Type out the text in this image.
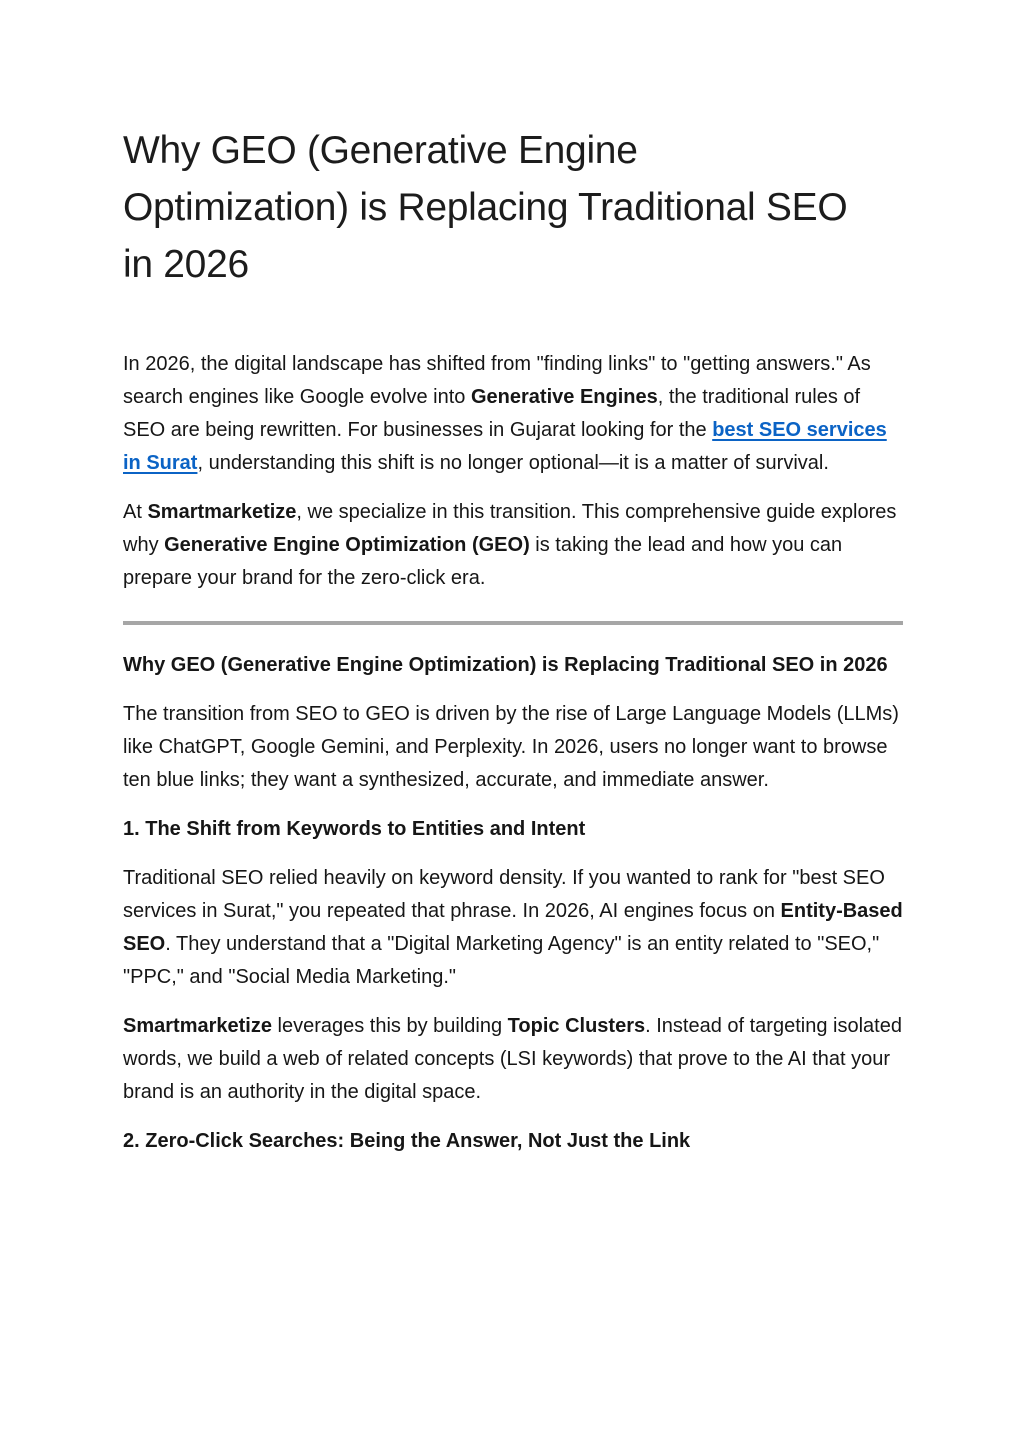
Why GEO (Generative Engine
Optimization) is Replacing Traditional SEO
in 2026

In 2026, the digital landscape has shifted from "finding links" to "getting answers." As search engines like Google evolve into Generative Engines, the traditional rules of SEO are being rewritten. For businesses in Gujarat looking for the best SEO services in Surat, understanding this shift is no longer optional—it is a matter of survival.

At Smartmarketize, we specialize in this transition. This comprehensive guide explores why Generative Engine Optimization (GEO) is taking the lead and how you can prepare your brand for the zero-click era.

Why GEO (Generative Engine Optimization) is Replacing Traditional SEO in 2026

The transition from SEO to GEO is driven by the rise of Large Language Models (LLMs) like ChatGPT, Google Gemini, and Perplexity. In 2026, users no longer want to browse ten blue links; they want a synthesized, accurate, and immediate answer.

1. The Shift from Keywords to Entities and Intent

Traditional SEO relied heavily on keyword density. If you wanted to rank for "best SEO services in Surat," you repeated that phrase. In 2026, AI engines focus on Entity-Based SEO. They understand that a "Digital Marketing Agency" is an entity related to "SEO," "PPC," and "Social Media Marketing."

Smartmarketize leverages this by building Topic Clusters. Instead of targeting isolated words, we build a web of related concepts (LSI keywords) that prove to the AI that your brand is an authority in the digital space.

2. Zero-Click Searches: Being the Answer, Not Just the Link
